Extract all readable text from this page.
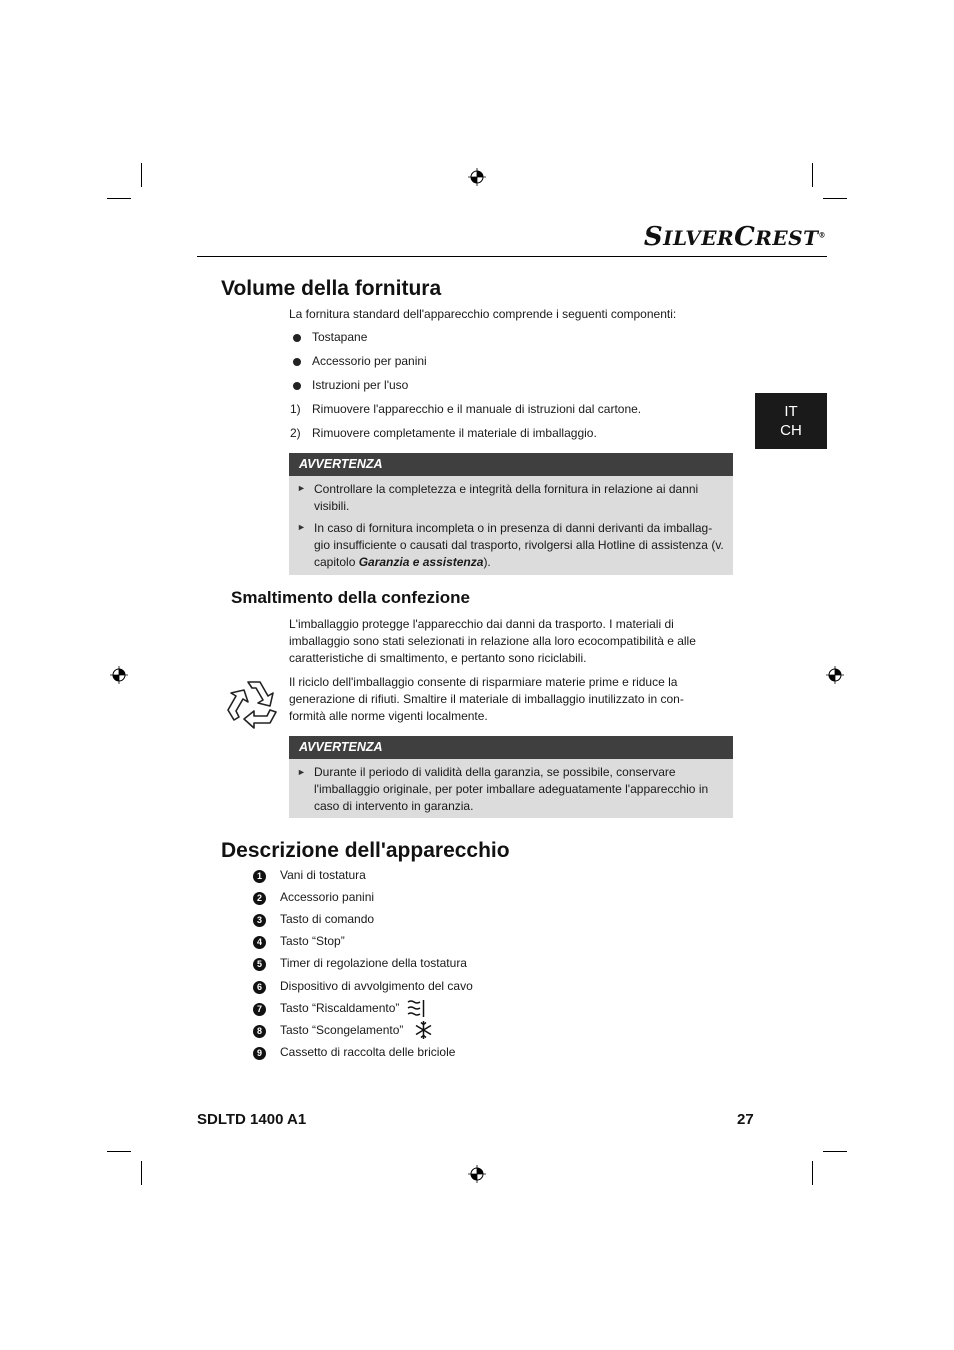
SILVERCREST®
IT
CH
Volume della fornitura
La fornitura standard dell'apparecchio comprende i seguenti componenti:
Tostapane
Accessorio per panini
Istruzioni per l'uso
1) Rimuovere l'apparecchio e il manuale di istruzioni dal cartone.
2) Rimuovere completamente il materiale di imballaggio.
AVVERTENZA
► Controllare la completezza e integrità della fornitura in relazione ai danni visibili.
► In caso di fornitura incompleta o in presenza di danni derivanti da imballag-gio insufficiente o causati dal trasporto, rivolgersi alla Hotline di assistenza (v. capitolo Garanzia e assistenza).
Smaltimento della confezione
L'imballaggio protegge l'apparecchio dai danni da trasporto. I materiali di imballaggio sono stati selezionati in relazione alla loro ecocompatibilità e alle caratteristiche di smaltimento, e pertanto sono riciclabili.
Il riciclo dell'imballaggio consente di risparmiare materie prime e riduce la generazione di rifiuti. Smaltire il materiale di imballaggio inutilizzato in con-formità alle norme vigenti localmente.
AVVERTENZA
► Durante il periodo di validità della garanzia, se possibile, conservare l'imballaggio originale, per poter imballare adeguatamente l'apparecchio in caso di intervento in garanzia.
Descrizione dell'apparecchio
1	Vani di tostatura
2	Accessorio panini
3	Tasto di comando
4	Tasto “Stop”
5	Timer di regolazione della tostatura
6	Dispositivo di avvolgimento del cavo
7	Tasto “Riscaldamento”
8	Tasto “Scongelamento”
9	Cassetto di raccolta delle briciole
SDLTD 1400 A1	27
